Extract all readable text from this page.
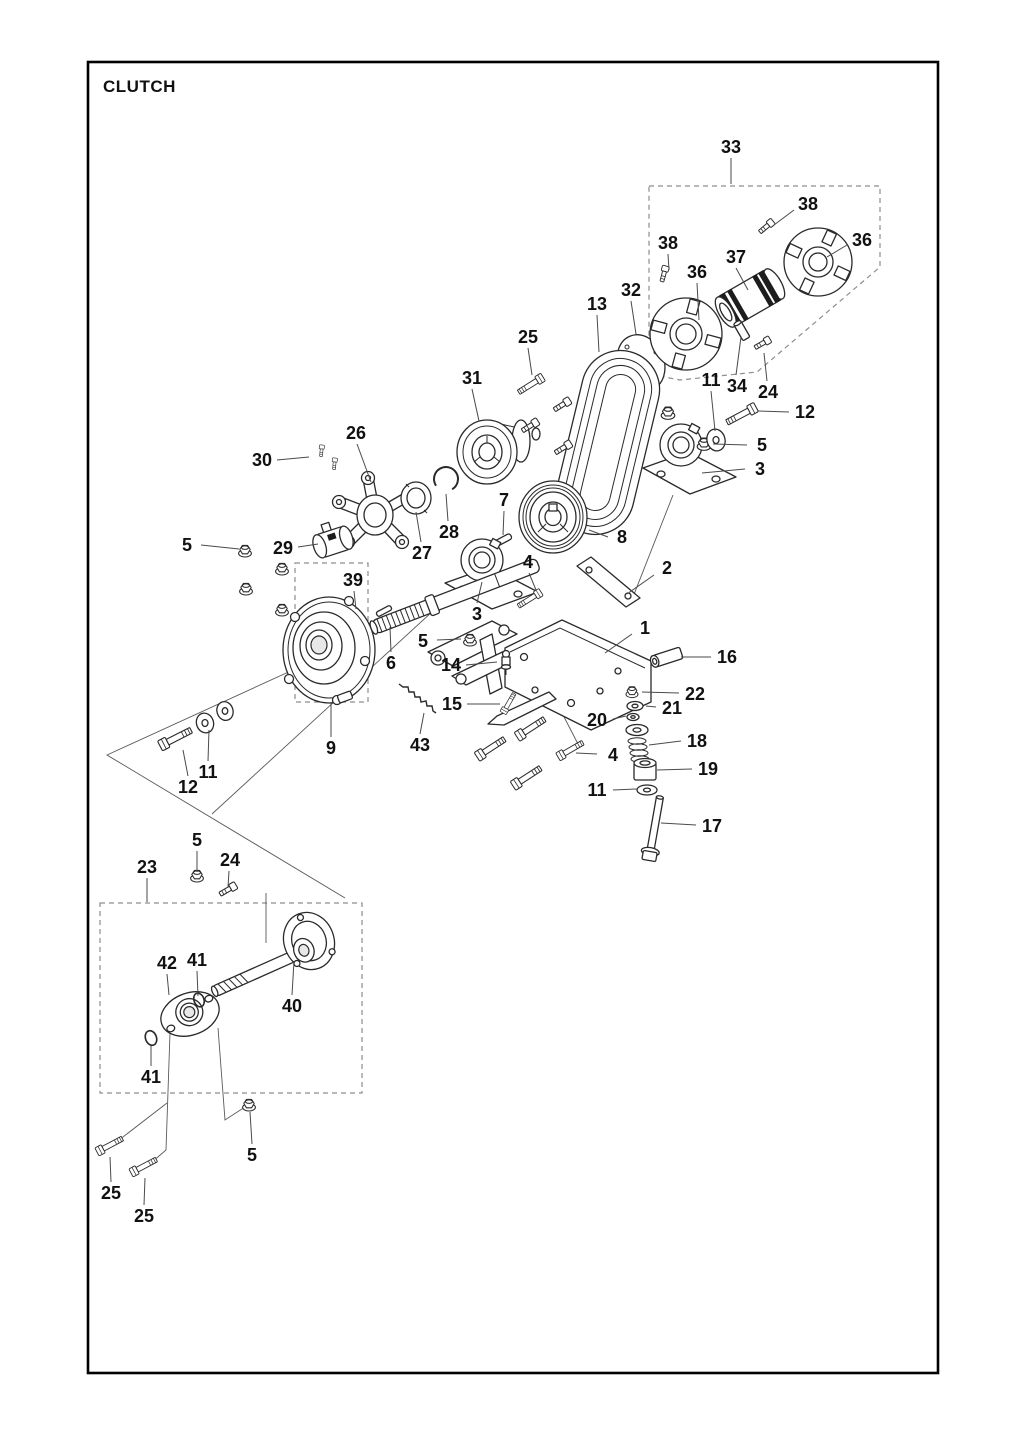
CLUTCH
33
38
36
38
37
36
13
32
25
31	11 34 24
12
5
3
26
30
5	29	27
28
7
8
39
3
6
5
14
15
43
9
4	2
1
16
22
21
20
18
4
19
11
17
12
11
5
23	24
42 41
40
41
25
25
5
